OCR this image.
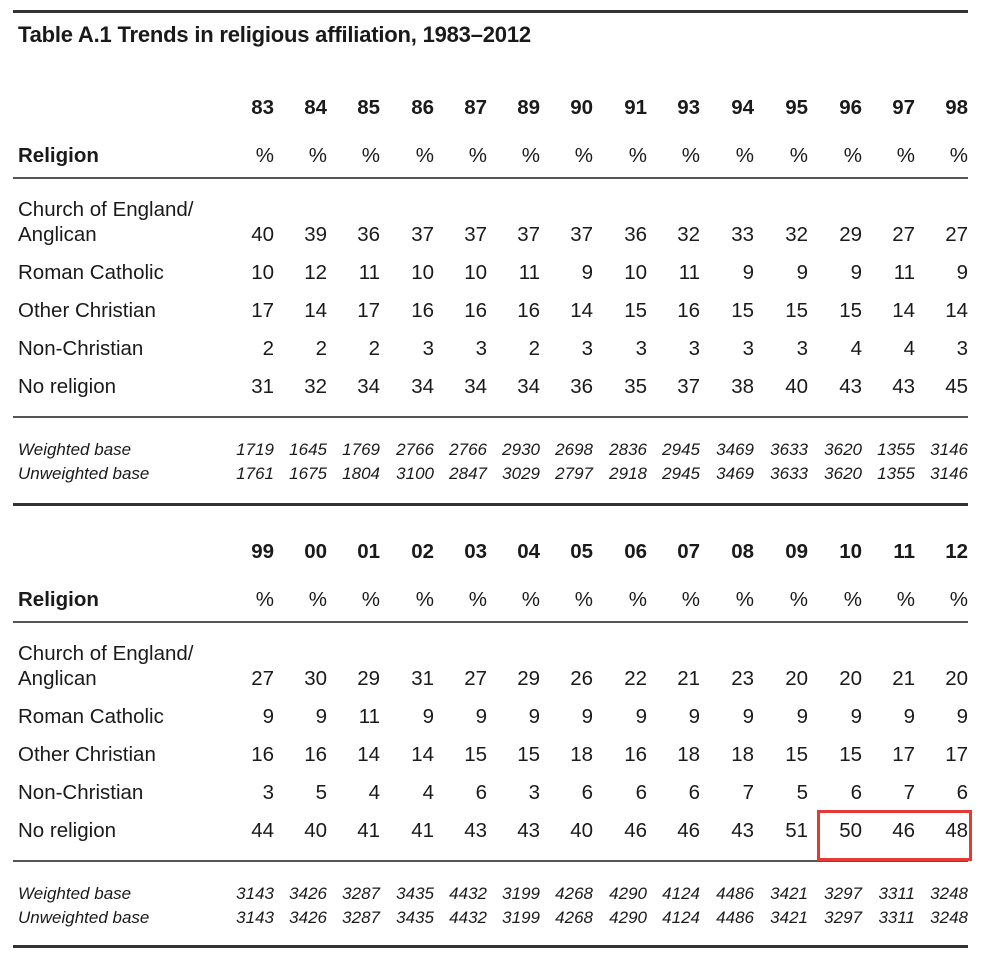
Table A.1 Trends in religious affiliation, 1983–2012
83	84	85	86	87	89	90	91	93	94	95	96	97	98
Religion	%	%	%	%	%	%	%	%	%	%	%	%	%	%
Church of England/
Anglican	40	39	36	37	37	37	37	36	32	33	32	29	27	27
Roman Catholic	10	12	11	10	10	11	9	10	11	9	9	9	11	9
Other Christian	17	14	17	16	16	16	14	15	16	15	15	15	14	14
Non-Christian	2	2	2	3	3	2	3	3	3	3	3	4	4	3
No religion	31	32	34	34	34	34	36	35	37	38	40	43	43	45
Weighted base	1719 1645 1769 2766 2766 2930 2698 2836 2945 3469 3633 3620 1355 3146
Unweighted base	1761 1675 1804 3100 2847 3029 2797 2918 2945 3469 3633 3620 1355 3146
99	00	01	02	03	04	05	06	07	08	09	10	11	12
Religion	%	%	%	%	%	%	%	%	%	%	%	%	%	%
Church of England/
Anglican	27	30	29	31	27	29	26	22	21	23	20	20	21	20
Roman Catholic	9	9	11	9	9	9	9	9	9	9	9	9	9	9
Other Christian	16	16	14	14	15	15	18	16	18	18	15	15	17	17
Non-Christian	3	5	4	4	6	3	6	6	6	7	5	6	7	6
No religion	44	40	41	41	43	43	40	46	46	43	51	50	46	48
Weighted base	3143 3426 3287 3435 4432 3199 4268 4290 4124 4486 3421 3297 3311 3248
Unweighted base	3143 3426 3287 3435 4432 3199 4268 4290 4124 4486 3421 3297 3311 3248
